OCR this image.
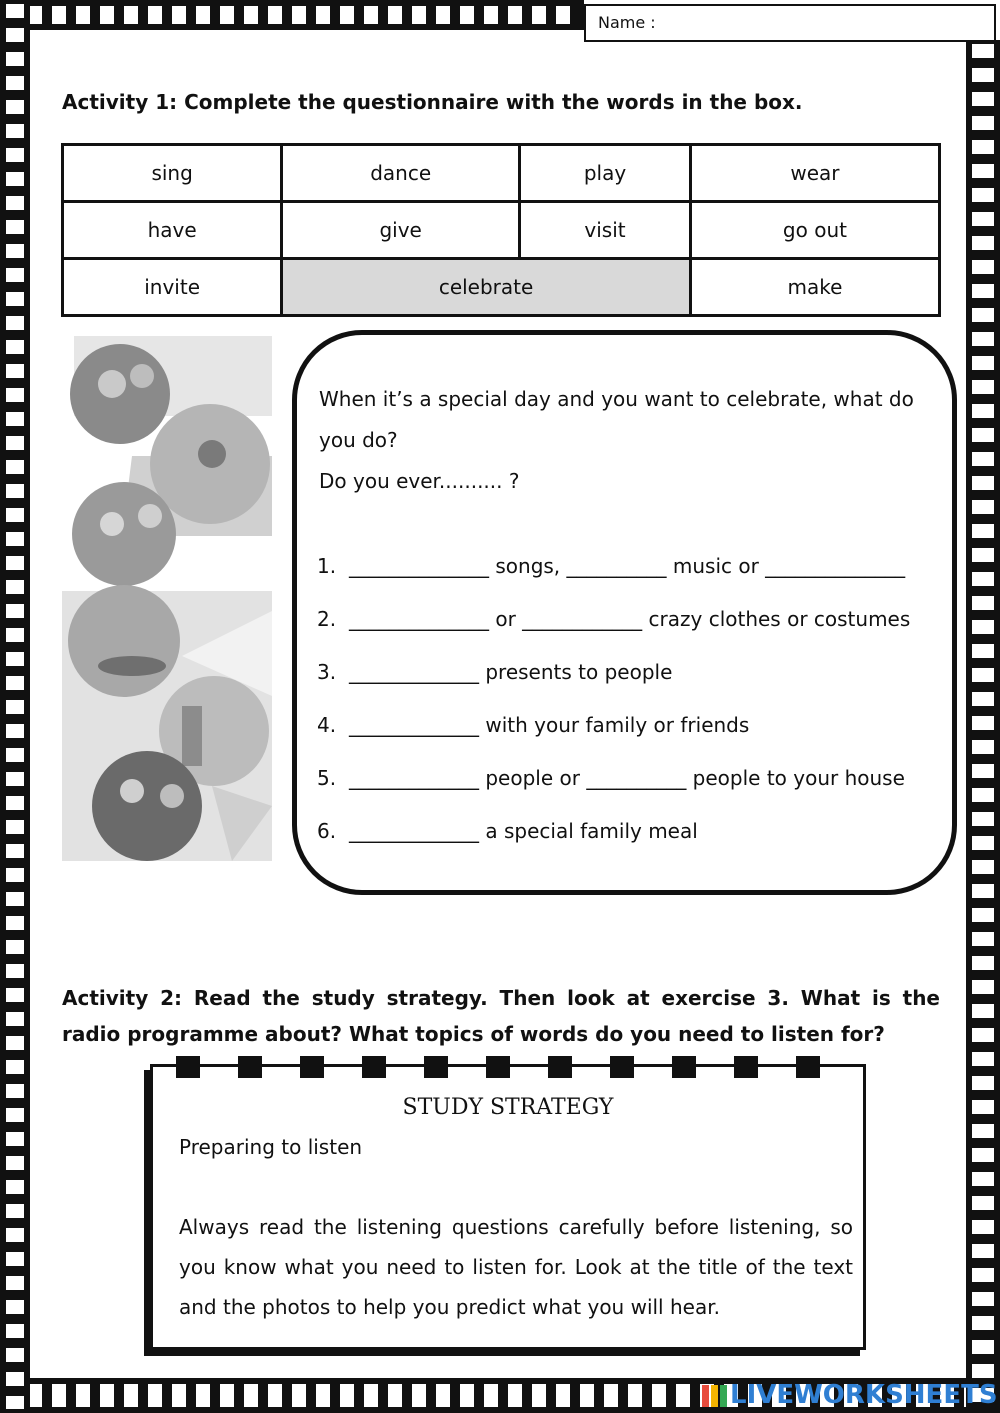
Name :
Activity 1: Complete the questionnaire with the words in the box.
sing	dance	play	wear
have	give	visit	go out
invite	celebrate		make
When it’s a special day and you want to celebrate, what do
you do?
Do you ever.......... ?
1. ______________ songs, __________ music or ______________
2. ______________ or ____________ crazy clothes or costumes
3. _____________ presents to people
4. _____________ with your family or friends
5. _____________ people or __________ people to your house
6. _____________ a special family meal
Activity 2: Read the study strategy. Then look at exercise 3. What is the radio programme about? What topics of words do you need to listen for?
STUDY STRATEGY
Preparing to listen
Always read the listening questions carefully before listening, so you know what you need to listen for. Look at the title of the text and the photos to help you predict what you will hear.
LIVEWORKSHEETS
